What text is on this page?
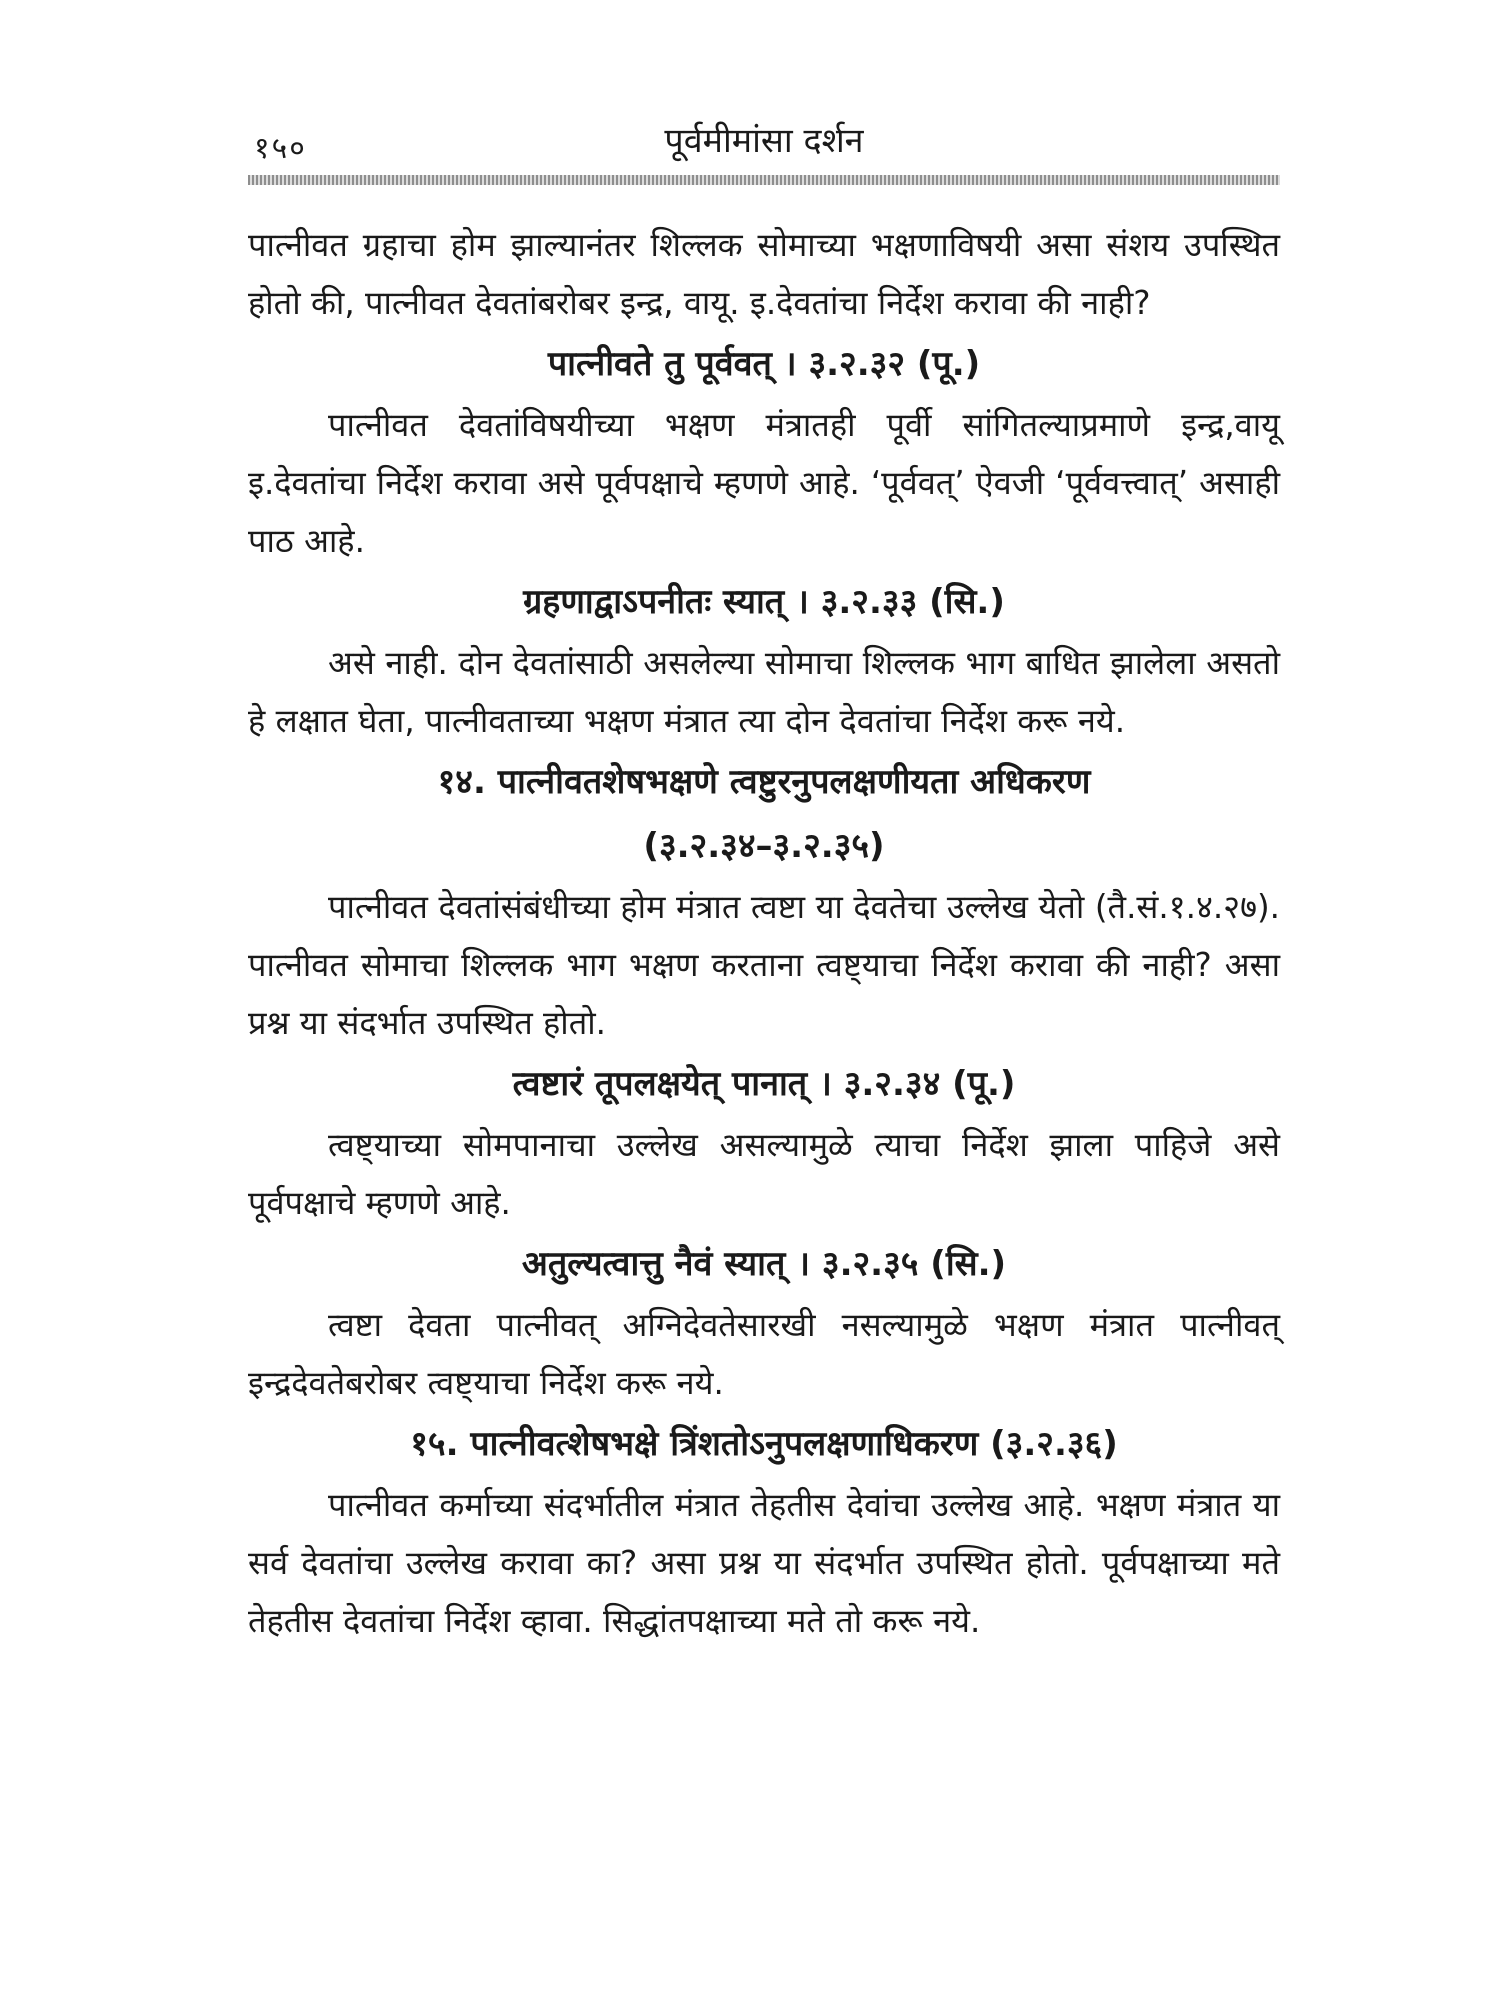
१५०	पूर्वमीमांसा दर्शन

पात्नीवत ग्रहाचा होम झाल्यानंतर शिल्लक सोमाच्या भक्षणाविषयी असा संशय उपस्थित होतो की, पात्नीवत देवतांबरोबर इन्द्र, वायू. इ.देवतांचा निर्देश करावा की नाही?

पात्नीवते तु पूर्ववत् । ३.२.३२ (पू.)

पात्नीवत देवतांविषयीच्या भक्षण मंत्रातही पूर्वी सांगितल्याप्रमाणे इन्द्र,वायू इ.देवतांचा निर्देश करावा असे पूर्वपक्षाचे म्हणणे आहे. ‘पूर्ववत्’ ऐवजी ‘पूर्ववत्त्वात्’ असाही पाठ आहे.

ग्रहणाद्वाऽपनीतः स्यात् । ३.२.३३ (सि.)

असे नाही. दोन देवतांसाठी असलेल्या सोमाचा शिल्लक भाग बाधित झालेला असतो हे लक्षात घेता, पात्नीवताच्या भक्षण मंत्रात त्या दोन देवतांचा निर्देश करू नये.

१४. पात्नीवतशेषभक्षणे त्वष्टुरनुपलक्षणीयता अधिकरण

(३.२.३४–३.२.३५)

पात्नीवत देवतांसंबंधीच्या होम मंत्रात त्वष्टा या देवतेचा उल्लेख येतो (तै.सं.१.४.२७). पात्नीवत सोमाचा शिल्लक भाग भक्षण करताना त्वष्ट्याचा निर्देश करावा की नाही? असा प्रश्न या संदर्भात उपस्थित होतो.

त्वष्टारं तूपलक्षयेत् पानात् । ३.२.३४ (पू.)

त्वष्ट्याच्या सोमपानाचा उल्लेख असल्यामुळे त्याचा निर्देश झाला पाहिजे असे पूर्वपक्षाचे म्हणणे आहे.

अतुल्यत्वात्तु नैवं स्यात् । ३.२.३५ (सि.)

त्वष्टा देवता पात्नीवत् अग्निदेवतेसारखी नसल्यामुळे भक्षण मंत्रात पात्नीवत् इन्द्रदेवतेबरोबर त्वष्ट्याचा निर्देश करू नये.

१५. पात्नीवत्शेषभक्षे त्रिंशतोऽनुपलक्षणाधिकरण (३.२.३६)

पात्नीवत कर्माच्या संदर्भातील मंत्रात तेहतीस देवांचा उल्लेख आहे. भक्षण मंत्रात या सर्व देवतांचा उल्लेख करावा का? असा प्रश्न या संदर्भात उपस्थित होतो. पूर्वपक्षाच्या मते तेहतीस देवतांचा निर्देश व्हावा. सिद्धांतपक्षाच्या मते तो करू नये.
